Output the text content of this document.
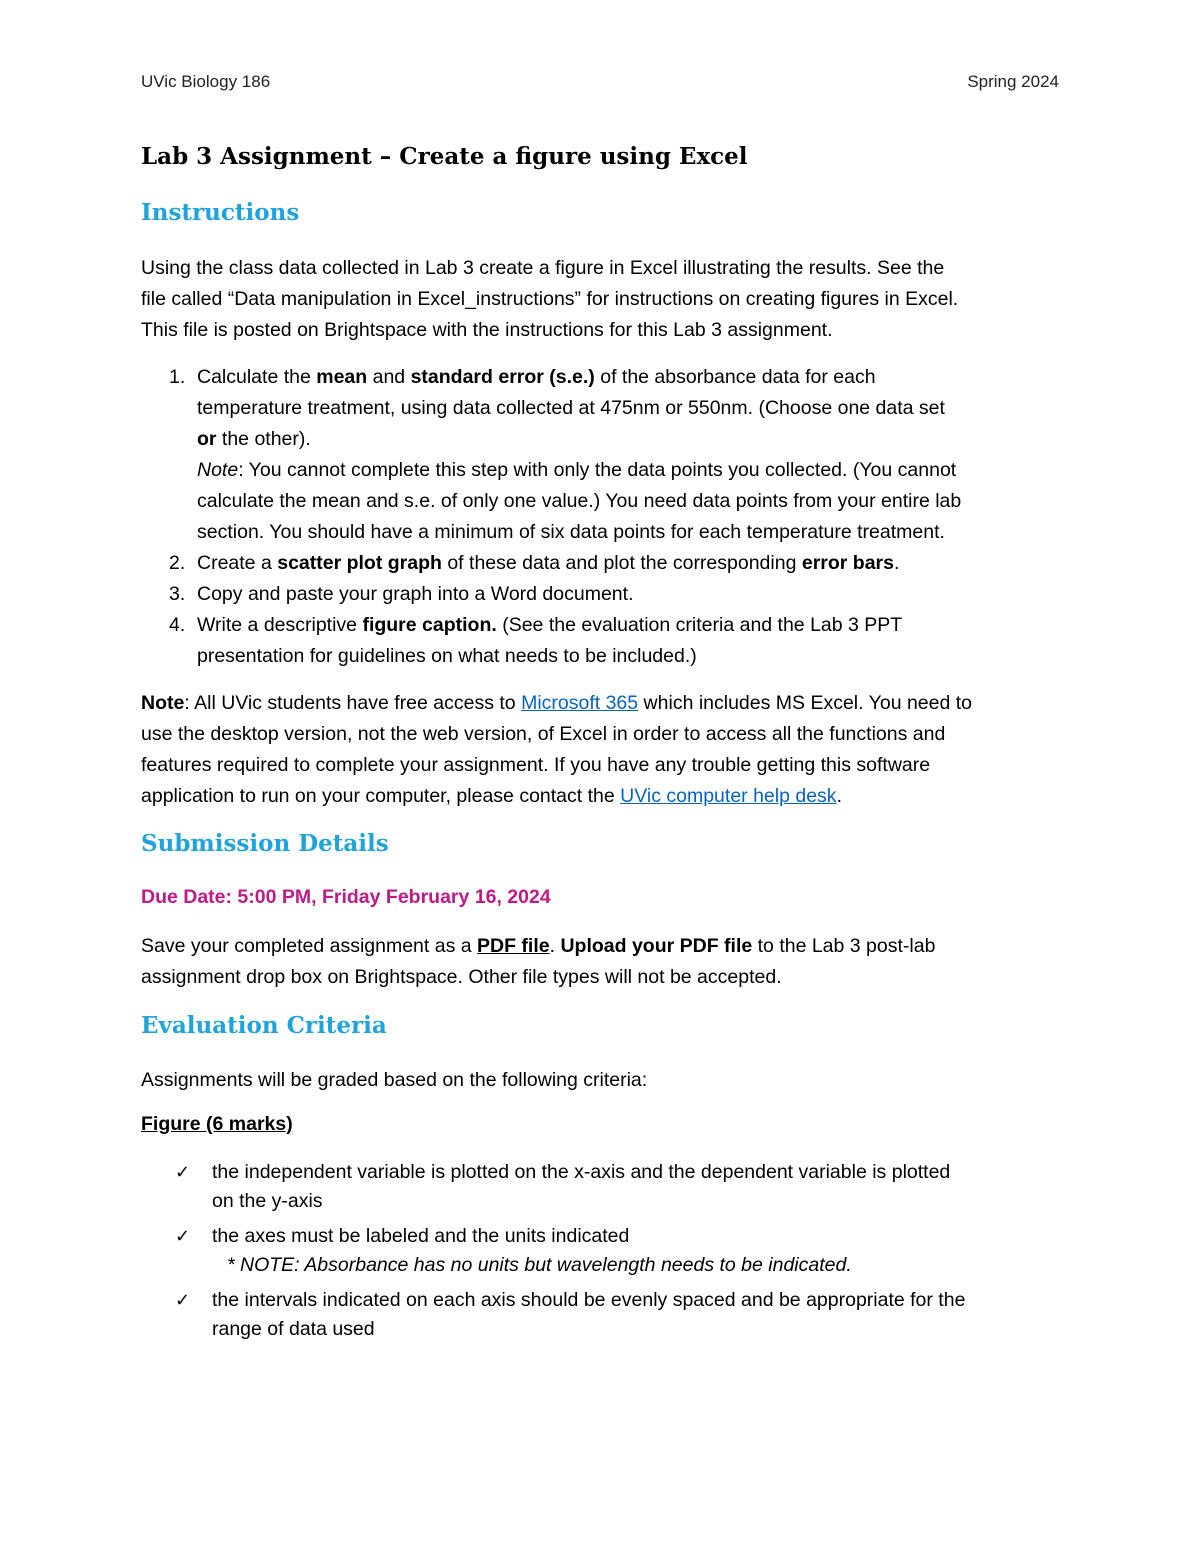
UVic Biology 186	Spring 2024
Lab 3 Assignment – Create a figure using Excel
Instructions
Using the class data collected in Lab 3 create a figure in Excel illustrating the results. See the
file called “Data manipulation in Excel_instructions” for instructions on creating figures in Excel.
This file is posted on Brightspace with the instructions for this Lab 3 assignment.
1. Calculate the mean and standard error (s.e.) of the absorbance data for each
temperature treatment, using data collected at 475nm or 550nm. (Choose one data set
or the other).
Note: You cannot complete this step with only the data points you collected. (You cannot
calculate the mean and s.e. of only one value.) You need data points from your entire lab
section. You should have a minimum of six data points for each temperature treatment.
2. Create a scatter plot graph of these data and plot the corresponding error bars.
3. Copy and paste your graph into a Word document.
4. Write a descriptive figure caption. (See the evaluation criteria and the Lab 3 PPT
presentation for guidelines on what needs to be included.)
Note: All UVic students have free access to Microsoft 365 which includes MS Excel. You need to
use the desktop version, not the web version, of Excel in order to access all the functions and
features required to complete your assignment. If you have any trouble getting this software
application to run on your computer, please contact the UVic computer help desk.
Submission Details
Due Date: 5:00 PM, Friday February 16, 2024
Save your completed assignment as a PDF file. Upload your PDF file to the Lab 3 post-lab
assignment drop box on Brightspace. Other file types will not be accepted.
Evaluation Criteria
Assignments will be graded based on the following criteria:
Figure (6 marks)
✓ the independent variable is plotted on the x-axis and the dependent variable is plotted
on the y-axis
✓ the axes must be labeled and the units indicated
* NOTE: Absorbance has no units but wavelength needs to be indicated.
✓ the intervals indicated on each axis should be evenly spaced and be appropriate for the
range of data used
